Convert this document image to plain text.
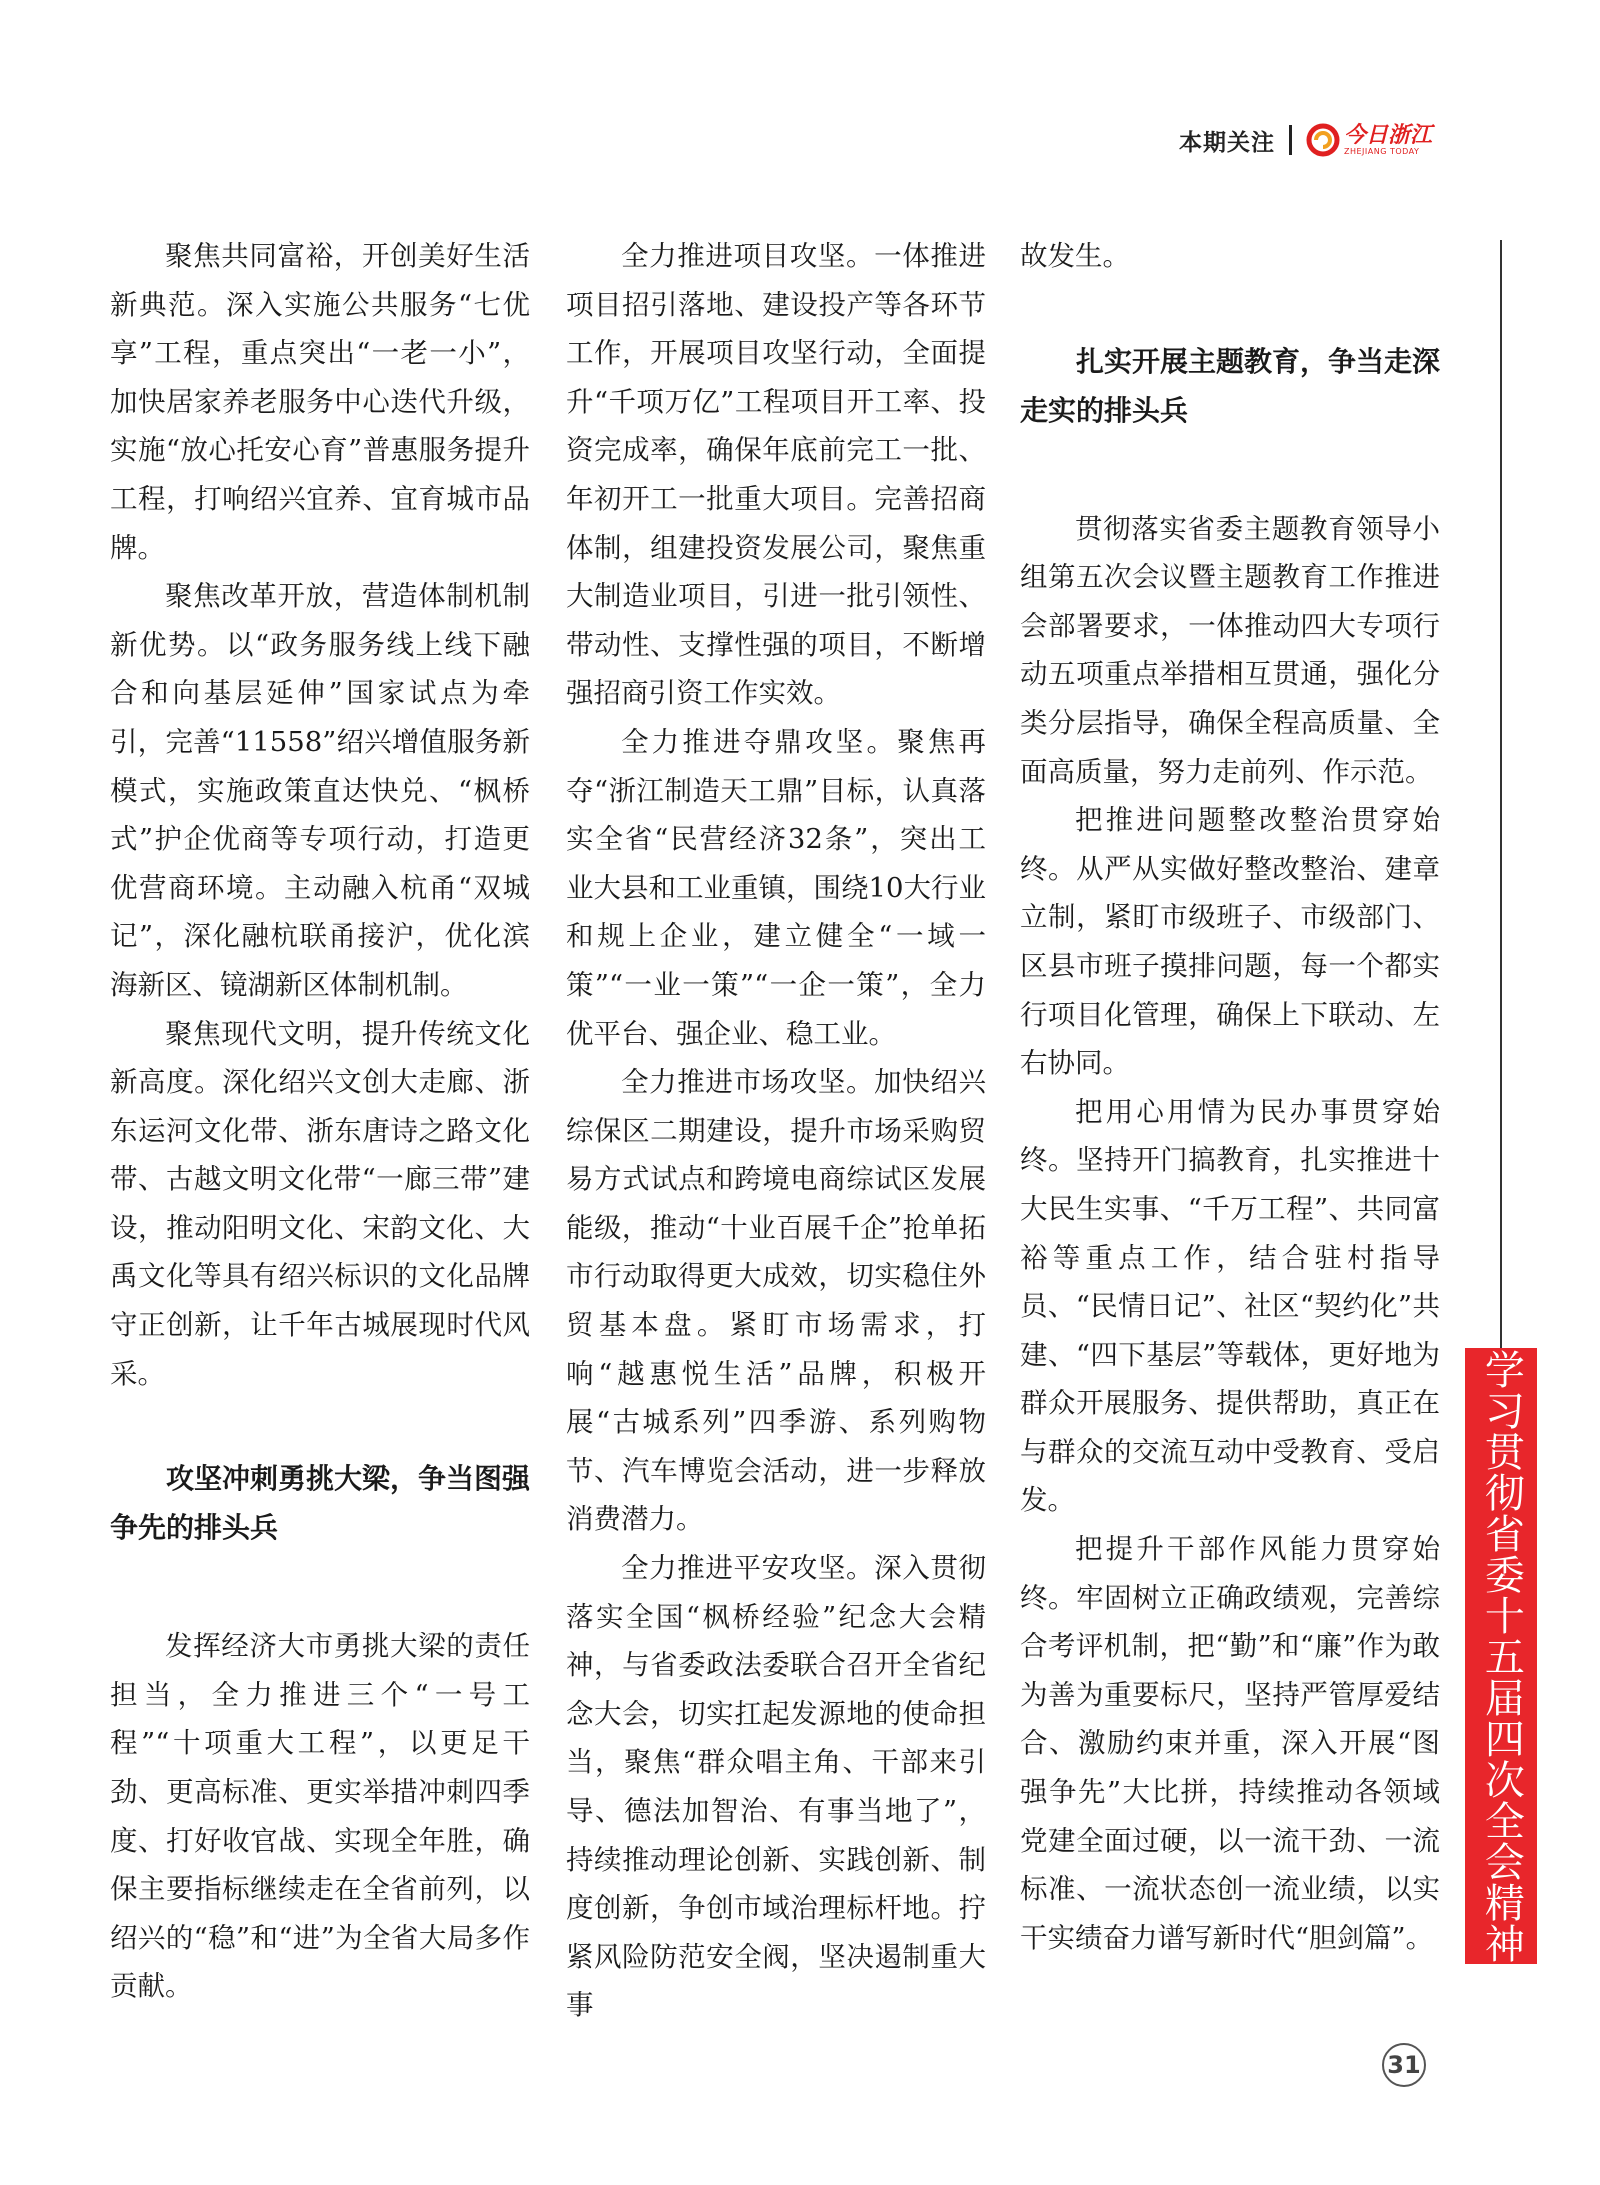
本期关注	今日浙江
ZHEJIANG TODAY

聚焦共同富裕，开创美好生活新典范。深入实施公共服务“七优享”工程，重点突出“一老一小”，加快居家养老服务中心迭代升级，实施“放心托安心育”普惠服务提升工程，打响绍兴宜养、宜育城市品牌。

聚焦改革开放，营造体制机制新优势。以“政务服务线上线下融合和向基层延伸”国家试点为牵引，完善“11558”绍兴增值服务新模式，实施政策直达快兑、“枫桥式”护企优商等专项行动，打造更优营商环境。主动融入杭甬“双城记”，深化融杭联甬接沪，优化滨海新区、镜湖新区体制机制。

聚焦现代文明，提升传统文化新高度。深化绍兴文创大走廊、浙东运河文化带、浙东唐诗之路文化带、古越文明文化带“一廊三带”建设，推动阳明文化、宋韵文化、大禹文化等具有绍兴标识的文化品牌守正创新，让千年古城展现时代风采。

攻坚冲刺勇挑大梁，争当图强争先的排头兵

发挥经济大市勇挑大梁的责任担当，全力推进三个“一号工程”“十项重大工程”，以更足干劲、更高标准、更实举措冲刺四季度、打好收官战、实现全年胜，确保主要指标继续走在全省前列，以绍兴的“稳”和“进”为全省大局多作贡献。

全力推进项目攻坚。一体推进项目招引落地、建设投产等各环节工作，开展项目攻坚行动，全面提升“千项万亿”工程项目开工率、投资完成率，确保年底前完工一批、年初开工一批重大项目。完善招商体制，组建投资发展公司，聚焦重大制造业项目，引进一批引领性、带动性、支撑性强的项目，不断增强招商引资工作实效。

全力推进夺鼎攻坚。聚焦再夺“浙江制造天工鼎”目标，认真落实全省“民营经济32条”，突出工业大县和工业重镇，围绕10大行业和规上企业，建立健全“一域一策”“一业一策”“一企一策”，全力优平台、强企业、稳工业。

全力推进市场攻坚。加快绍兴综保区二期建设，提升市场采购贸易方式试点和跨境电商综试区发展能级，推动“十业百展千企”抢单拓市行动取得更大成效，切实稳住外贸基本盘。紧盯市场需求，打响“越惠悦生活”品牌，积极开展“古城系列”四季游、系列购物节、汽车博览会活动，进一步释放消费潜力。

全力推进平安攻坚。深入贯彻落实全国“枫桥经验”纪念大会精神，与省委政法委联合召开全省纪念大会，切实扛起发源地的使命担当，聚焦“群众唱主角、干部来引导、德法加智治、有事当地了”，持续推动理论创新、实践创新、制度创新，争创市域治理标杆地。拧紧风险防范安全阀，坚决遏制重大事

故发生。

扎实开展主题教育，争当走深走实的排头兵

贯彻落实省委主题教育领导小组第五次会议暨主题教育工作推进会部署要求，一体推动四大专项行动五项重点举措相互贯通，强化分类分层指导，确保全程高质量、全面高质量，努力走前列、作示范。

把推进问题整改整治贯穿始终。从严从实做好整改整治、建章立制，紧盯市级班子、市级部门、区县市班子摸排问题，每一个都实行项目化管理，确保上下联动、左右协同。

把用心用情为民办事贯穿始终。坚持开门搞教育，扎实推进十大民生实事、“千万工程”、共同富裕等重点工作，结合驻村指导员、“民情日记”、社区“契约化”共建、“四下基层”等载体，更好地为群众开展服务、提供帮助，真正在与群众的交流互动中受教育、受启发。

把提升干部作风能力贯穿始终。牢固树立正确政绩观，完善综合考评机制，把“勤”和“廉”作为敢为善为重要标尺，坚持严管厚爱结合、激励约束并重，深入开展“图强争先”大比拼，持续推动各领域党建全面过硬，以一流干劲、一流标准、一流状态创一流业绩，以实干实绩奋力谱写新时代“胆剑篇”。	学习贯彻省委十五届四次全会精神
31
